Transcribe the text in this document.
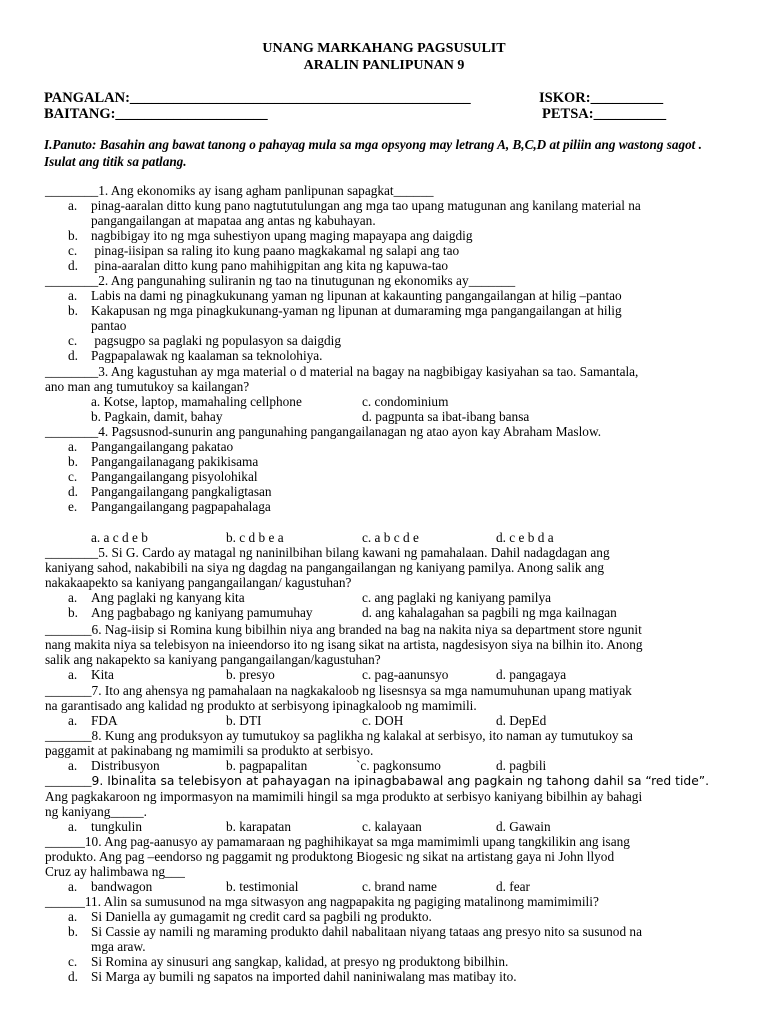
UNANG MARKAHANG PAGSUSULIT
ARALIN PANLIPUNAN 9
PANGALAN:_______________________________________________	ISKOR:__________
BAITANG:_____________________	PETSA:__________
I.Panuto: Basahin ang bawat tanong o pahayag mula sa mga opsyong may letrang A, B,C,D at piliin ang wastong sagot . Isulat ang titik sa patlang.
________1. Ang ekonomiks ay isang agham panlipunan sapagkat______
a. pinag-aaralan ditto kung pano nagtututulungan ang mga tao upang matugunan ang kanilang material na
pangangailangan at mapataa ang antas ng kabuhayan.
b. nagbibigay ito ng mga suhestiyon upang maging mapayapa ang daigdig
c. pinag-iisipan sa raling ito kung paano magkakamal ng salapi ang tao
d. pina-aaralan ditto kung pano mahihigpitan ang kita ng kapuwa-tao
________2. Ang pangunahing suliranin ng tao na tinutugunan ng ekonomiks ay_______
a. Labis na dami ng pinagkukunang yaman ng lipunan at kakaunting pangangailangan at hilig –pantao
b. Kakapusan ng mga pinagkukunang-yaman ng lipunan at dumaraming mga pangangailangan at hilig
pantao
c. pagsugpo sa paglaki ng populasyon sa daigdig
d. Pagpapalawak ng kaalaman sa teknolohiya.
________3. Ang kagustuhan ay mga material o d material na bagay na nagbibigay kasiyahan sa tao. Samantala,
ano man ang tumutukoy sa kailangan?
a. Kotse, laptop, mamahaling cellphone	c. condominium
b. Pagkain, damit, bahay	d. pagpunta sa ibat-ibang bansa
________4. Pagsusnod-sunurin ang pangunahing pangangailanagan ng atao ayon kay Abraham Maslow.
a. Pangangailangang pakatao
b. Pangangailanagang pakikisama
c. Pangangailangang pisyolohikal
d. Pangangailangang pangkaligtasan
e. Pangangailangang pagpapahalaga
a. a c d e b	b. c d b e a	c. a b c d e	d. c e b d a
________5. Si G. Cardo ay matagal ng naninilbihan bilang kawani ng pamahalaan. Dahil nadagdagan ang
kaniyang sahod, nakabibili na siya ng dagdag na pangangailangan ng kaniyang pamilya. Anong salik ang
nakakaapekto sa kaniyang pangangailangan/ kagustuhan?
a. Ang paglaki ng kanyang kita	c. ang paglaki ng kaniyang pamilya
b. Ang pagbabago ng kaniyang pamumuhay	d. ang kahalagahan sa pagbili ng mga kailnagan
_______6. Nag-iisip si Romina kung bibilhin niya ang branded na bag na nakita niya sa department store ngunit
nang makita niya sa telebisyon na inieendorso ito ng isang sikat na artista, nagdesisyon siya na bilhin ito. Anong
salik ang nakapekto sa kaniyang pangangailangan/kagustuhan?
a. Kita	b. presyo	c. pag-aanunsyo	d. pangagaya
_______7. Ito ang ahensya ng pamahalaan na nagkakaloob ng lisesnsya sa mga namumuhunan upang matiyak
na garantisado ang kalidad ng produkto at serbisyong ipinagkaloob ng mamimili.
a. FDA	b. DTI	c. DOH	d. DepEd
_______8. Kung ang produksyon ay tumutukoy sa paglikha ng kalakal at serbisyo, ito naman ay tumutukoy sa
paggamit at pakinabang ng mamimili sa produkto at serbisyo.
a. Distribusyon	b. pagpapalitan	`c. pagkonsumo	d. pagbili
_______9. Ibinalita sa telebisyon at pahayagan na ipinagbabawal ang pagkain ng tahong dahil sa “red tide”.
Ang pagkakaroon ng impormasyon na mamimili hingil sa mga produkto at serbisyo kaniyang bibilhin ay bahagi
ng kaniyang_____.
a. tungkulin	b. karapatan	c. kalayaan	d. Gawain
______10. Ang pag-aanusyo ay pamamaraan ng paghihikayat sa mga mamimimli upang tangkilikin ang isang
produkto. Ang pag –eendorso ng paggamit ng produktong Biogesic ng sikat na artistang gaya ni John llyod
Cruz ay halimbawa ng___
a. bandwagon	b. testimonial	c. brand name	d. fear
______11. Alin sa sumusunod na mga sitwasyon ang nagpapakita ng pagiging matalinong mamimimili?
a. Si Daniella ay gumagamit ng credit card sa pagbili ng produkto.
b. Si Cassie ay namili ng maraming produkto dahil nabalitaan niyang tataas ang presyo nito sa susunod na
mga araw.
c. Si Romina ay sinusuri ang sangkap, kalidad, at presyo ng produktong bibilhin.
d. Si Marga ay bumili ng sapatos na imported dahil naniniwalang mas matibay ito.
